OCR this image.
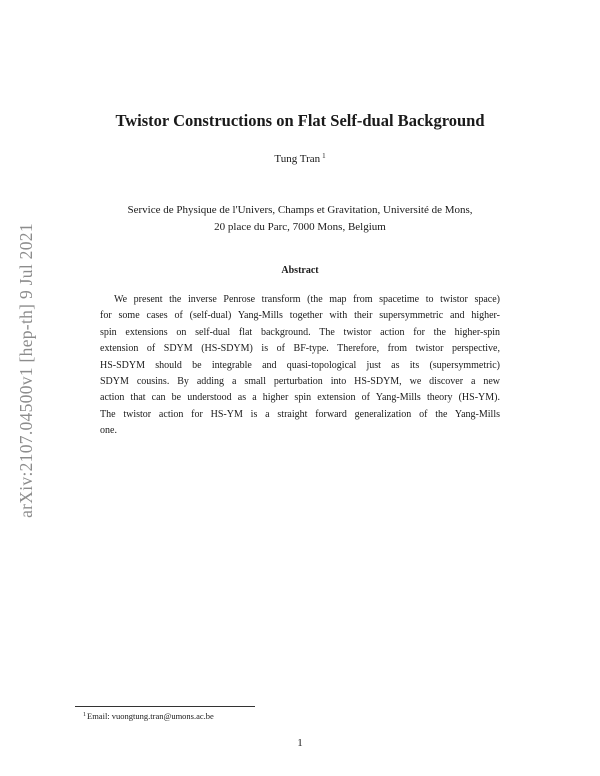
arXiv:2107.04500v1 [hep-th] 9 Jul 2021
Twistor Constructions on Flat Self-dual Background
Tung Tran $^1$
Service de Physique de l'Univers, Champs et Gravitation, Université de Mons,
20 place du Parc, 7000 Mons, Belgium
Abstract
We present the inverse Penrose transform (the map from spacetime to twistor space)
for some cases of (self-dual) Yang-Mills together with their supersymmetric and higher-
spin extensions on self-dual flat background. The twistor action for the higher-spin
extension of SDYM (HS-SDYM) is of BF-type. Therefore, from twistor perspective,
HS-SDYM should be integrable and quasi-topological just as its (supersymmetric)
SDYM cousins. By adding a small perturbation into HS-SDYM, we discover a new
action that can be understood as a higher spin extension of Yang-Mills theory (HS-YM).
The twistor action for HS-YM is a straight forward generalization of the Yang-Mills
one.
$^1$Email: vuongtung.tran@umons.ac.be
1
